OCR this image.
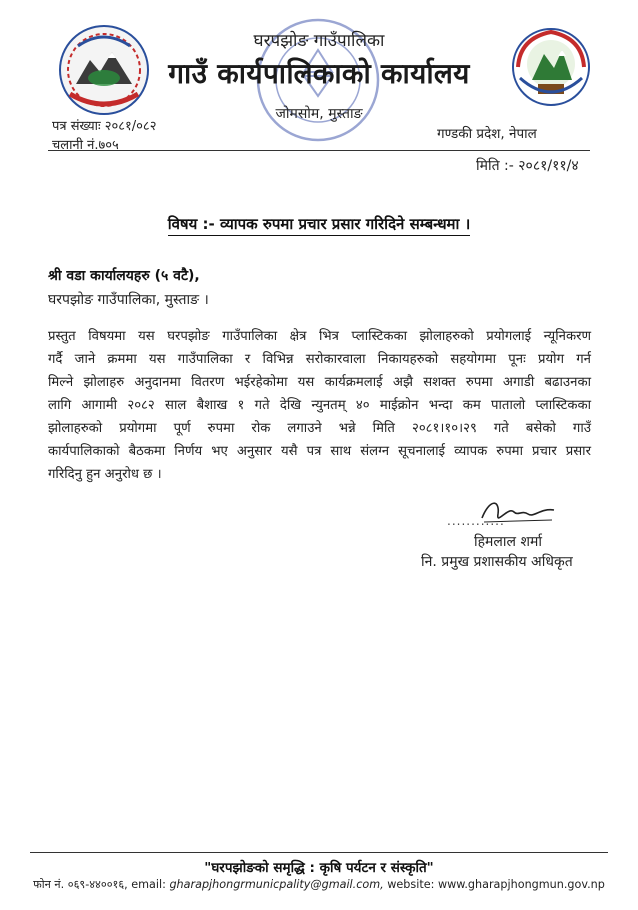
घरपझोङ गाउँपालिका
गाउँ कार्यपालिकाको कार्यालय
जोमसोम, मुस्ताङ
पत्र संख्याः २०८१/०८२
चलानी नं.७०५
गण्डकी प्रदेश, नेपाल
मिति :- २०८१/११/४
विषय :- व्यापक रुपमा प्रचार प्रसार गरिदिने सम्बन्धमा ।
श्री वडा कार्यालयहरु (५ वटै),
घरपझोङ गाउँपालिका, मुस्ताङ ।
प्रस्तुत विषयमा यस घरपझोङ गाउँपालिका क्षेत्र भित्र प्लास्टिकका झोलाहरुको प्रयोगलाई न्यूनिकरण
गर्दै जाने क्रममा यस गाउँपालिका र विभिन्न सरोकारवाला निकायहरुको सहयोगमा पूनः प्रयोग गर्न
मिल्ने झोलाहरु अनुदानमा वितरण भईरहेकोमा यस कार्यक्रमलाई अझै सशक्त रुपमा अगाडी बढाउनका
लागि आगामी २०८२ साल बैशाख १ गते देखि न्युनतम् ४० माईक्रोन भन्दा कम पातालो प्लास्टिकका
झोलाहरुको प्रयोगमा पूर्ण रुपमा रोक लगाउने भन्ने मिति २०८१।१०।२९ गते बसेको गाउँ
कार्यपालिकाको बैठकमा निर्णय भए अनुसार यसै पत्र साथ संलग्न सूचनालाई व्यापक रुपमा प्रचार प्रसार
गरिदिनु हुन अनुरोध छ ।
............
हिमलाल शर्मा
नि. प्रमुख प्रशासकीय अधिकृत
"घरपझोङको समृद्धि : कृषि पर्यटन र संस्कृति"
फोन नं. ०६९-४४००१६, email: gharapjhongrmunicpality@gmail.com, website: www.gharapjhongmun.gov.np
